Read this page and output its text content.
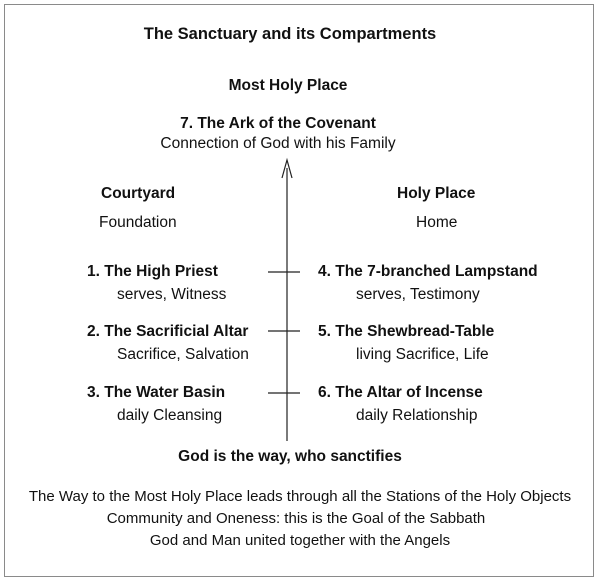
The Sanctuary and its Compartments
Most Holy Place
7. The Ark of the Covenant
Connection of God with his Family
Courtyard
Foundation
Holy Place
Home
1. The High Priest
serves, Witness
2. The Sacrificial Altar
Sacrifice, Salvation
3. The Water Basin
daily Cleansing
4. The 7-branched Lampstand
serves, Testimony
5. The Shewbread-Table
living Sacrifice, Life
6. The Altar of Incense
daily Relationship
God is the way, who sanctifies
The Way to the Most Holy Place leads through all the Stations of the Holy Objects
Community and Oneness: this is the Goal of the Sabbath
God and Man united together with the Angels
